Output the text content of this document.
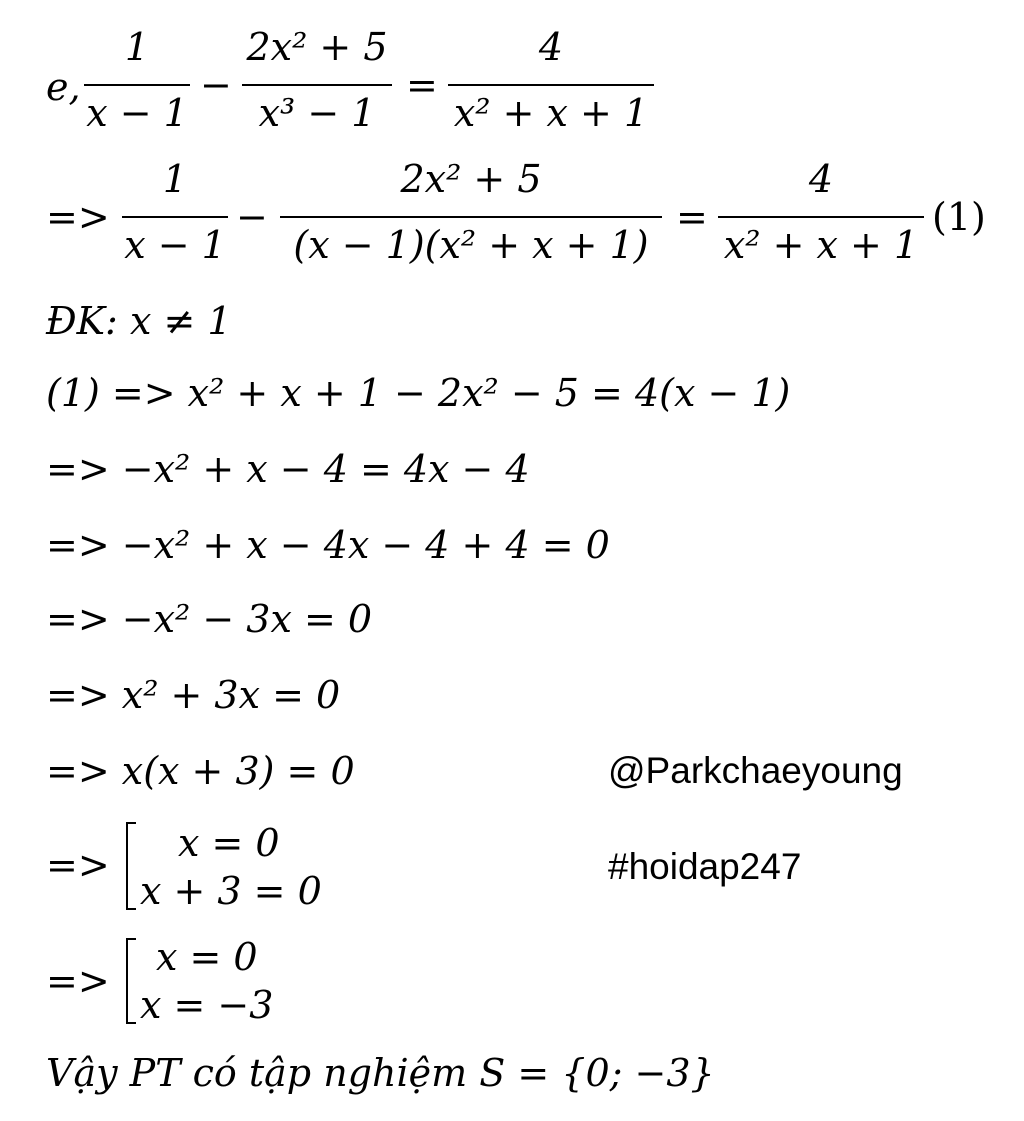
e,
1
x − 1
−
2x² + 5
x³ − 1
=
4
x² + x + 1
=>
1
x − 1
−
2x² + 5
(x − 1)(x² + x + 1)
=
4
x² + x + 1
(1)
ĐK: x ≠ 1
(1) => x² + x + 1 − 2x² − 5 = 4(x − 1)
=> −x² + x − 4 = 4x − 4
=> −x² + x − 4x − 4 + 4 = 0
=> −x² − 3x = 0
=> x² + 3x = 0
=> x(x + 3) = 0	@Parkchaeyoung
#hoidap247
=> x = 0
x + 3 = 0
=>
x = 0
x = −3
Vậy PT có tập nghiệm S = {0; −3}
